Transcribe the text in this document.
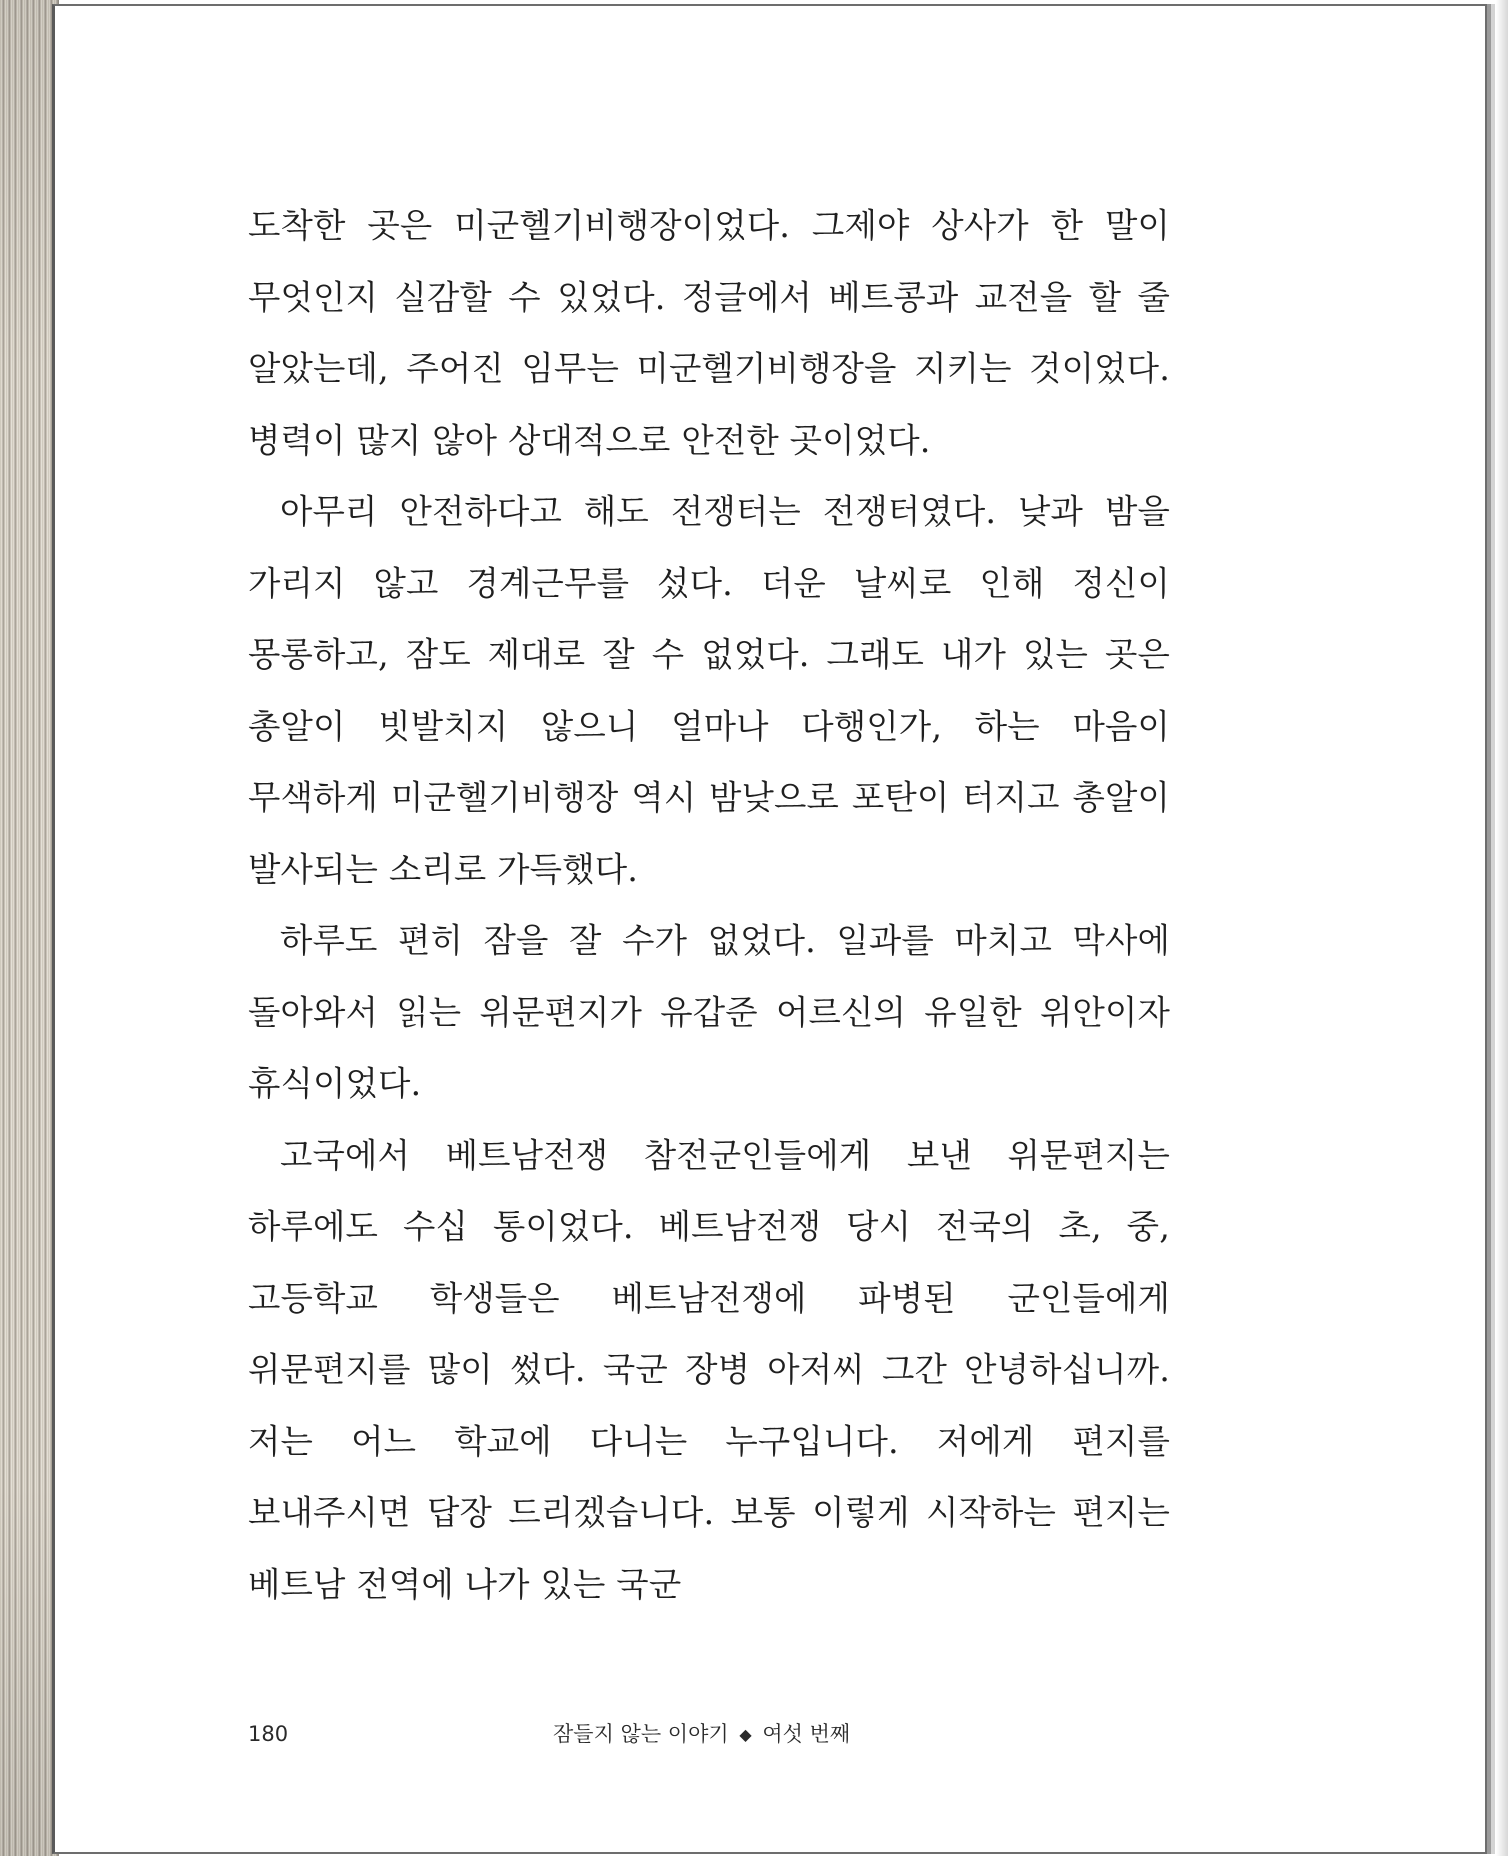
도착한 곳은 미군헬기비행장이었다. 그제야 상사가 한 말이 무엇인지 실감할 수 있었다. 정글에서 베트콩과 교전을 할 줄 알았는데, 주어진 임무는 미군헬기비행장을 지키는 것이었다. 병력이 많지 않아 상대적으로 안전한 곳이었다.

아무리 안전하다고 해도 전쟁터는 전쟁터였다. 낮과 밤을 가리지 않고 경계근무를 섰다. 더운 날씨로 인해 정신이 몽롱하고, 잠도 제대로 잘 수 없었다. 그래도 내가 있는 곳은 총알이 빗발치지 않으니 얼마나 다행인가, 하는 마음이 무색하게 미군헬기비행장 역시 밤낮으로 포탄이 터지고 총알이 발사되는 소리로 가득했다.

하루도 편히 잠을 잘 수가 없었다. 일과를 마치고 막사에 돌아와서 읽는 위문편지가 유갑준 어르신의 유일한 위안이자 휴식이었다.

고국에서 베트남전쟁 참전군인들에게 보낸 위문편지는 하루에도 수십 통이었다. 베트남전쟁 당시 전국의 초, 중, 고등학교 학생들은 베트남전쟁에 파병된 군인들에게 위문편지를 많이 썼다. 국군 장병 아저씨 그간 안녕하십니까. 저는 어느 학교에 다니는 누구입니다. 저에게 편지를 보내주시면 답장 드리겠습니다. 보통 이렇게 시작하는 편지는 베트남 전역에 나가 있는 국군

180	잠들지 않는 이야기 ◆ 여섯 번째
